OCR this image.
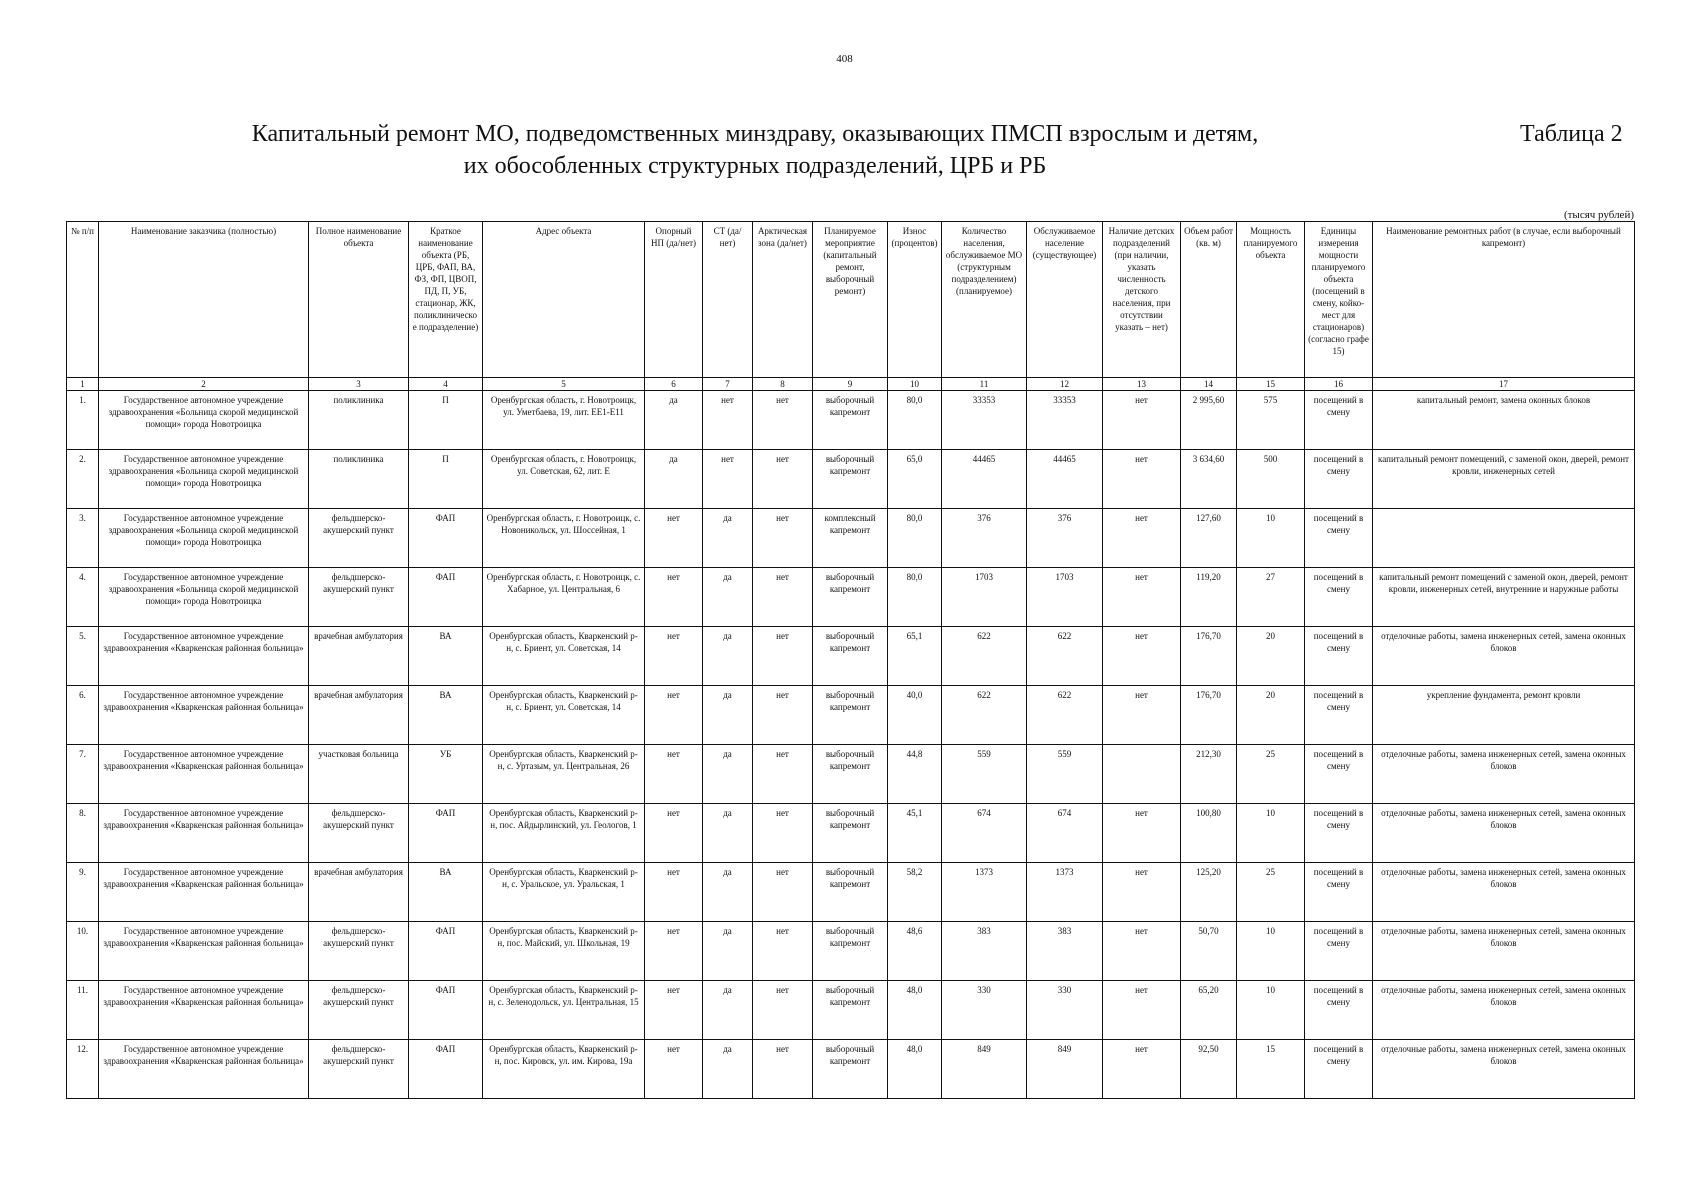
408
Капитальный ремонт МО, подведомственных минздраву, оказывающих ПМСП взрослым и детям,
их обособленных структурных подразделений, ЦРБ и РБ
Таблица 2
(тысяч рублей)
№ п/п	Наименование заказчика (полностью)	Полное наименование объекта	Краткое наименование объекта (РБ, ЦРБ, ФАП, ВА, ФЗ, ФП, ЦВОП, ПД, П, УБ, стационар, ЖК, поликлиническое подразделение)	Адрес объекта	Опорный НП (да/нет)	СТ (да/нет)	Арктическая зона (да/нет)	Планируемое мероприятие (капитальный ремонт, выборочный ремонт)	Износ (процентов)	Количество населения, обслуживаемое МО (структурным подразделением) (планируемое)	Обслуживаемое население (существующее)	Наличие детских подразделений (при наличии, указать численность детского населения, при отсутствии указать – нет)	Объем работ (кв. м)	Мощность планируемого объекта	Единицы измерения мощности планируемого объекта (посещений в смену, койко-мест для стационаров) (согласно графе 15)	Наименование ремонтных работ (в случае, если выборочный капремонт)
1	2	3	4	5	6	7	8	9	10	11	12	13	14	15	16	17
1.	Государственное автономное учреждение здравоохранения «Больница скорой медицинской помощи» города Новотроицка	поликлиника	П	Оренбургская область, г. Новотроицк, ул. Уметбаева, 19, лит. ЕЕ1-Е11	да	нет	нет	выборочный капремонт	80,0	33353	33353	нет	2 995,60	575	посещений в смену	капитальный ремонт, замена оконных блоков
2.	Государственное автономное учреждение здравоохранения «Больница скорой медицинской помощи» города Новотроицка	поликлиника	П	Оренбургская область, г. Новотроицк, ул. Советская, 62, лит. Е	да	нет	нет	выборочный капремонт	65,0	44465	44465	нет	3 634,60	500	посещений в смену	капитальный ремонт помещений, с заменой окон, дверей, ремонт кровли, инженерных сетей
3.	Государственное автономное учреждение здравоохранения «Больница скорой медицинской помощи» города Новотроицка	фельдшерско-акушерский пункт	ФАП	Оренбургская область, г. Новотроицк, с. Новоникольск, ул. Шоссейная, 1	нет	да	нет	комплексный капремонт	80,0	376	376	нет	127,60	10	посещений в смену	
4.	Государственное автономное учреждение здравоохранения «Больница скорой медицинской помощи» города Новотроицка	фельдшерско-акушерский пункт	ФАП	Оренбургская область, г. Новотроицк, с. Хабарное, ул. Центральная, 6	нет	да	нет	выборочный капремонт	80,0	1703	1703	нет	119,20	27	посещений в смену	капитальный ремонт помещений с заменой окон, дверей, ремонт кровли, инженерных сетей, внутренние и наружные работы
5.	Государственное автономное учреждение здравоохранения «Кваркенская районная больница»	врачебная амбулатория	ВА	Оренбургская область, Кваркенский р-н, с. Бриент, ул. Советская, 14	нет	да	нет	выборочный капремонт	65,1	622	622	нет	176,70	20	посещений в смену	отделочные работы, замена инженерных сетей, замена оконных блоков
6.	Государственное автономное учреждение здравоохранения «Кваркенская районная больница»	врачебная амбулатория	ВА	Оренбургская область, Кваркенский р-н, с. Бриент, ул. Советская, 14	нет	да	нет	выборочный капремонт	40,0	622	622	нет	176,70	20	посещений в смену	укрепление фундамента, ремонт кровли
7.	Государственное автономное учреждение здравоохранения «Кваркенская районная больница»	участковая больница	УБ	Оренбургская область, Кваркенский р-н, с. Уртазым, ул. Центральная, 26	нет	да	нет	выборочный капремонт	44,8	559	559		212,30	25	посещений в смену	отделочные работы, замена инженерных сетей, замена оконных блоков
8.	Государственное автономное учреждение здравоохранения «Кваркенская районная больница»	фельдшерско-акушерский пункт	ФАП	Оренбургская область, Кваркенский р-н, пос. Айдырлинский, ул. Геологов, 1	нет	да	нет	выборочный капремонт	45,1	674	674	нет	100,80	10	посещений в смену	отделочные работы, замена инженерных сетей, замена оконных блоков
9.	Государственное автономное учреждение здравоохранения «Кваркенская районная больница»	врачебная амбулатория	ВА	Оренбургская область, Кваркенский р-н, с. Уральское, ул. Уральская, 1	нет	да	нет	выборочный капремонт	58,2	1373	1373	нет	125,20	25	посещений в смену	отделочные работы, замена инженерных сетей, замена оконных блоков
10.	Государственное автономное учреждение здравоохранения «Кваркенская районная больница»	фельдшерско-акушерский пункт	ФАП	Оренбургская область, Кваркенский р-н, пос. Майский, ул. Школьная, 19	нет	да	нет	выборочный капремонт	48,6	383	383	нет	50,70	10	посещений в смену	отделочные работы, замена инженерных сетей, замена оконных блоков
11.	Государственное автономное учреждение здравоохранения «Кваркенская районная больница»	фельдшерско-акушерский пункт	ФАП	Оренбургская область, Кваркенский р-н, с. Зеленодольск, ул. Центральная, 15	нет	да	нет	выборочный капремонт	48,0	330	330	нет	65,20	10	посещений в смену	отделочные работы, замена инженерных сетей, замена оконных блоков
12.	Государственное автономное учреждение здравоохранения «Кваркенская районная больница»	фельдшерско-акушерский пункт	ФАП	Оренбургская область, Кваркенский р-н, пос. Кировск, ул. им. Кирова, 19а	нет	да	нет	выборочный капремонт	48,0	849	849	нет	92,50	15	посещений в смену	отделочные работы, замена инженерных сетей, замена оконных блоков
